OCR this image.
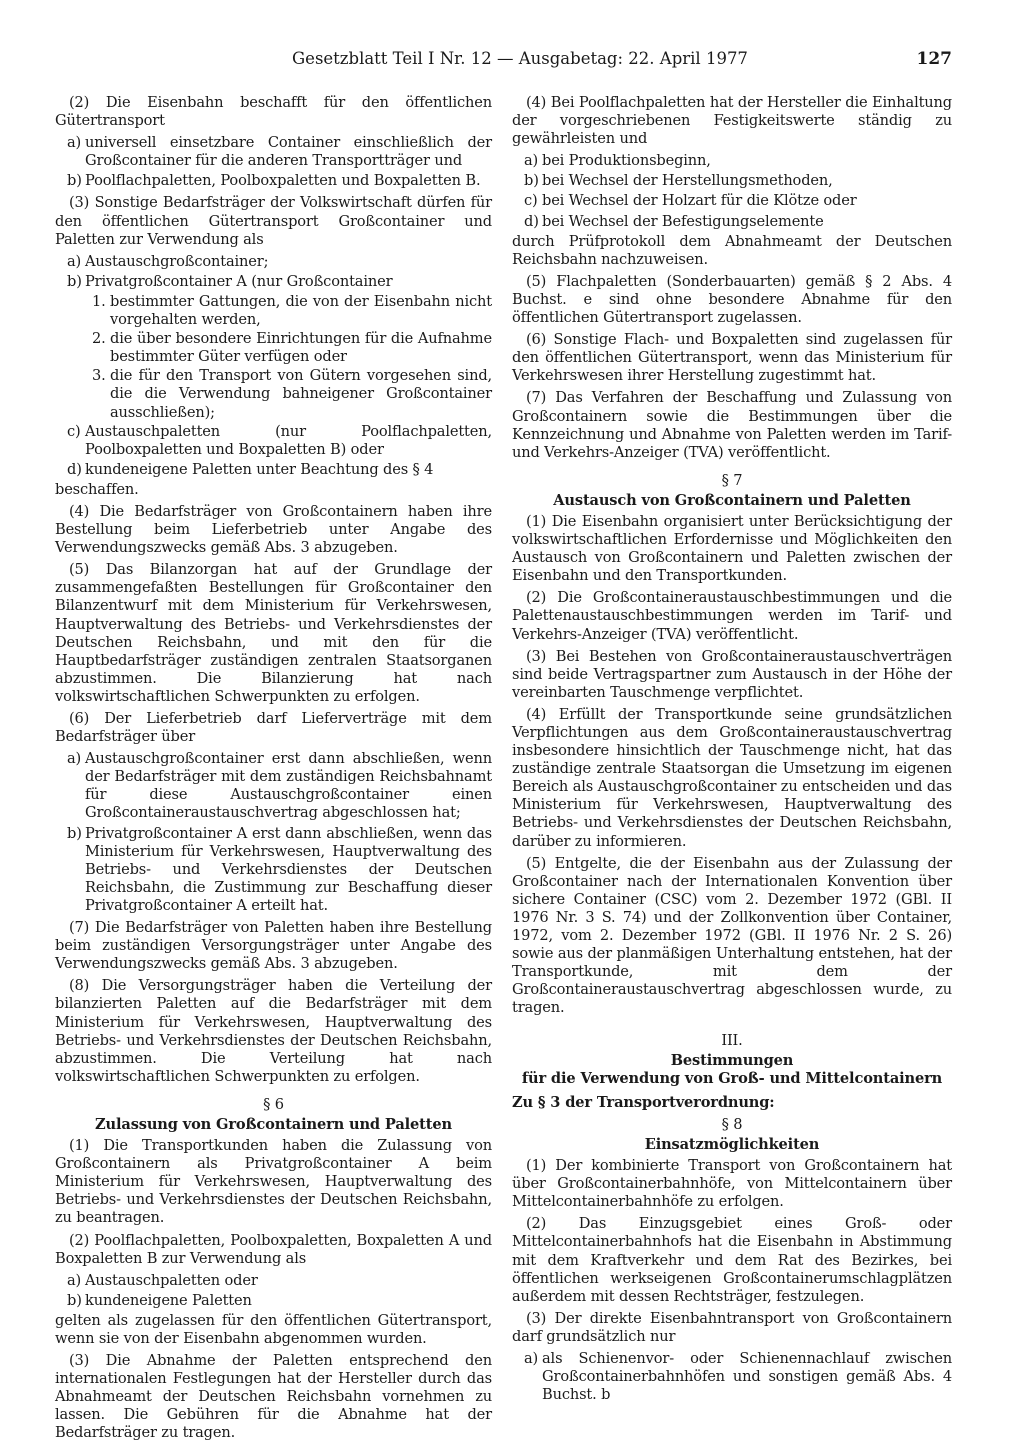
Gesetzblatt Teil I Nr. 12 — Ausgabetag: 22. April 1977	127

(2) Die Eisenbahn beschafft für den öffentlichen Gütertransport

a) universell einsetzbare Container einschließlich der Großcontainer für die anderen Transportträger und
b) Poolflachpaletten, Poolboxpaletten und Boxpaletten B.

(3) Sonstige Bedarfsträger der Volkswirtschaft dürfen für den öffentlichen Gütertransport Großcontainer und Paletten zur Verwendung als

a) Austauschgroßcontainer;
b) Privatgroßcontainer A (nur Großcontainer
1. bestimmter Gattungen, die von der Eisenbahn nicht vorgehalten werden,
2. die über besondere Einrichtungen für die Aufnahme bestimmter Güter verfügen oder
3. die für den Transport von Gütern vorgesehen sind, die die Verwendung bahneigener Großcontainer ausschließen);
c) Austauschpaletten (nur Poolflachpaletten, Poolboxpaletten und Boxpaletten B) oder
d) kundeneigene Paletten unter Beachtung des § 4

beschaffen.

(4) Die Bedarfsträger von Großcontainern haben ihre Bestellung beim Lieferbetrieb unter Angabe des Verwendungszwecks gemäß Abs. 3 abzugeben.

(5) Das Bilanzorgan hat auf der Grundlage der zusammengefaßten Bestellungen für Großcontainer den Bilanzentwurf mit dem Ministerium für Verkehrswesen, Hauptverwaltung des Betriebs- und Verkehrsdienstes der Deutschen Reichsbahn, und mit den für die Hauptbedarfsträger zuständigen zentralen Staatsorganen abzustimmen. Die Bilanzierung hat nach volkswirtschaftlichen Schwerpunkten zu erfolgen.

(6) Der Lieferbetrieb darf Lieferverträge mit dem Bedarfsträger über

a) Austauschgroßcontainer erst dann abschließen, wenn der Bedarfsträger mit dem zuständigen Reichsbahnamt für diese Austauschgroßcontainer einen Großcontaineraustauschvertrag abgeschlossen hat;
b) Privatgroßcontainer A erst dann abschließen, wenn das Ministerium für Verkehrswesen, Hauptverwaltung des Betriebs- und Verkehrsdienstes der Deutschen Reichsbahn, die Zustimmung zur Beschaffung dieser Privatgroßcontainer A erteilt hat.

(7) Die Bedarfsträger von Paletten haben ihre Bestellung beim zuständigen Versorgungsträger unter Angabe des Verwendungszwecks gemäß Abs. 3 abzugeben.

(8) Die Versorgungsträger haben die Verteilung der bilanzierten Paletten auf die Bedarfsträger mit dem Ministerium für Verkehrswesen, Hauptverwaltung des Betriebs- und Verkehrsdienstes der Deutschen Reichsbahn, abzustimmen. Die Verteilung hat nach volkswirtschaftlichen Schwerpunkten zu erfolgen.

§ 6
Zulassung von Großcontainern und Paletten

(1) Die Transportkunden haben die Zulassung von Großcontainern als Privatgroßcontainer A beim Ministerium für Verkehrswesen, Hauptverwaltung des Betriebs- und Verkehrsdienstes der Deutschen Reichsbahn, zu beantragen.

(2) Poolflachpaletten, Poolboxpaletten, Boxpaletten A und Boxpaletten B zur Verwendung als

a) Austauschpaletten oder
b) kundeneigene Paletten

gelten als zugelassen für den öffentlichen Gütertransport, wenn sie von der Eisenbahn abgenommen wurden.

(3) Die Abnahme der Paletten entsprechend den internationalen Festlegungen hat der Hersteller durch das Abnahmeamt der Deutschen Reichsbahn vornehmen zu lassen. Die Gebühren für die Abnahme hat der Bedarfsträger zu tragen.

(4) Bei Poolflachpaletten hat der Hersteller die Einhaltung der vorgeschriebenen Festigkeitswerte ständig zu gewährleisten und

a) bei Produktionsbeginn,
b) bei Wechsel der Herstellungsmethoden,
c) bei Wechsel der Holzart für die Klötze oder
d) bei Wechsel der Befestigungselemente

durch Prüfprotokoll dem Abnahmeamt der Deutschen Reichsbahn nachzuweisen.

(5) Flachpaletten (Sonderbauarten) gemäß § 2 Abs. 4 Buchst. e sind ohne besondere Abnahme für den öffentlichen Gütertransport zugelassen.

(6) Sonstige Flach- und Boxpaletten sind zugelassen für den öffentlichen Gütertransport, wenn das Ministerium für Verkehrswesen ihrer Herstellung zugestimmt hat.

(7) Das Verfahren der Beschaffung und Zulassung von Großcontainern sowie die Bestimmungen über die Kennzeichnung und Abnahme von Paletten werden im Tarif- und Verkehrs-Anzeiger (TVA) veröffentlicht.

§ 7
Austausch von Großcontainern und Paletten

(1) Die Eisenbahn organisiert unter Berücksichtigung der volkswirtschaftlichen Erfordernisse und Möglichkeiten den Austausch von Großcontainern und Paletten zwischen der Eisenbahn und den Transportkunden.

(2) Die Großcontaineraustauschbestimmungen und die Palettenaustauschbestimmungen werden im Tarif- und Verkehrs-Anzeiger (TVA) veröffentlicht.

(3) Bei Bestehen von Großcontaineraustauschverträgen sind beide Vertragspartner zum Austausch in der Höhe der vereinbarten Tauschmenge verpflichtet.

(4) Erfüllt der Transportkunde seine grundsätzlichen Verpflichtungen aus dem Großcontaineraustauschvertrag insbesondere hinsichtlich der Tauschmenge nicht, hat das zuständige zentrale Staatsorgan die Umsetzung im eigenen Bereich als Austauschgroßcontainer zu entscheiden und das Ministerium für Verkehrswesen, Hauptverwaltung des Betriebs- und Verkehrsdienstes der Deutschen Reichsbahn, darüber zu informieren.

(5) Entgelte, die der Eisenbahn aus der Zulassung der Großcontainer nach der Internationalen Konvention über sichere Container (CSC) vom 2. Dezember 1972 (GBl. II 1976 Nr. 3 S. 74) und der Zollkonvention über Container, 1972, vom 2. Dezember 1972 (GBl. II 1976 Nr. 2 S. 26) sowie aus der planmäßigen Unterhaltung entstehen, hat der Transportkunde, mit dem der Großcontaineraustauschvertrag abgeschlossen wurde, zu tragen.

III.
Bestimmungen
für die Verwendung von Groß- und Mittelcontainern
Zu § 3 der Transportverordnung:
§ 8
Einsatzmöglichkeiten

(1) Der kombinierte Transport von Großcontainern hat über Großcontainerbahnhöfe, von Mittelcontainern über Mittelcontainerbahnhöfe zu erfolgen.

(2) Das Einzugsgebiet eines Groß- oder Mittelcontainerbahnhofs hat die Eisenbahn in Abstimmung mit dem Kraftverkehr und dem Rat des Bezirkes, bei öffentlichen werkseigenen Großcontainerumschlagplätzen außerdem mit dessen Rechtsträger, festzulegen.

(3) Der direkte Eisenbahntransport von Großcontainern darf grundsätzlich nur

a) als Schienenvor- oder Schienennachlauf zwischen Großcontainerbahnhöfen und sonstigen gemäß Abs. 4 Buchst. b
